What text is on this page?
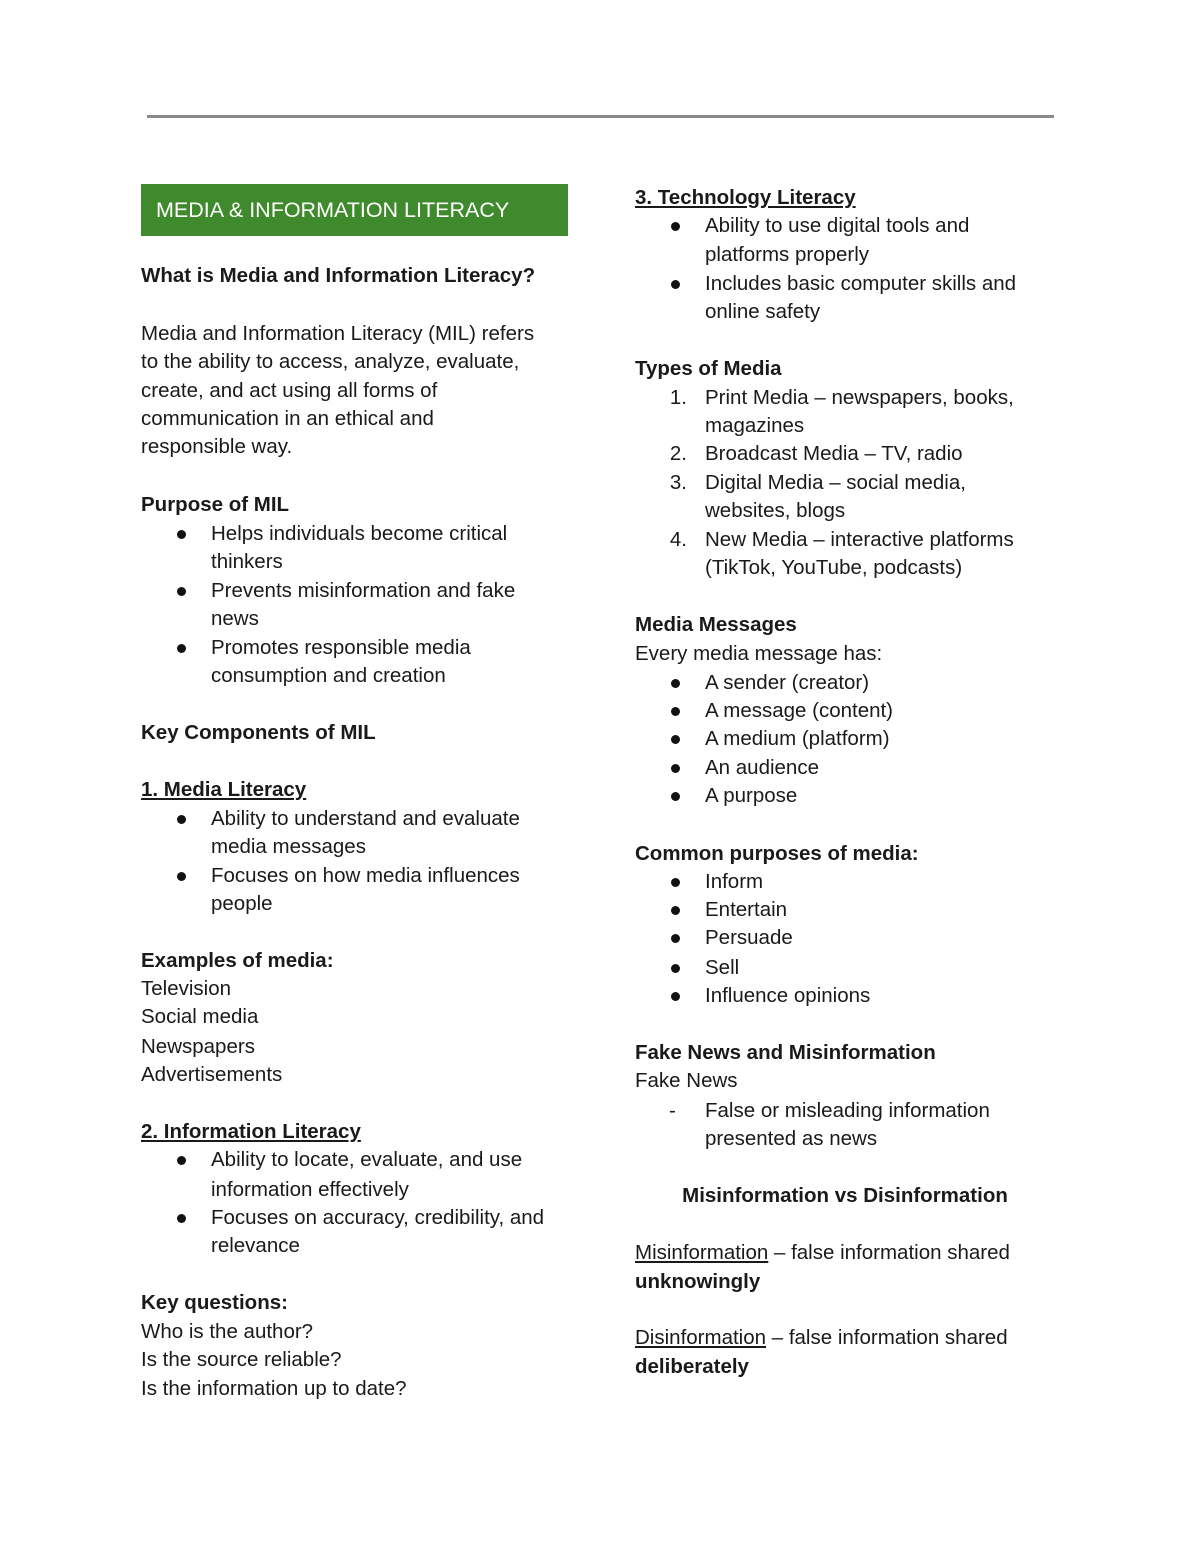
MEDIA & INFORMATION LITERACY
What is Media and Information Literacy?
Media and Information Literacy (MIL) refers
to the ability to access, analyze, evaluate,
create, and act using all forms of
communication in an ethical and
responsible way.
Purpose of MIL
Helps individuals become critical
thinkers
Prevents misinformation and fake
news
Promotes responsible media
consumption and creation
Key Components of MIL
1. Media Literacy
Ability to understand and evaluate
media messages
Focuses on how media influences
people
Examples of media:
Television
Social media
Newspapers
Advertisements
2. Information Literacy
Ability to locate, evaluate, and use
information effectively
Focuses on accuracy, credibility, and
relevance
Key questions:
Who is the author?
Is the source reliable?
Is the information up to date?
3. Technology Literacy
Ability to use digital tools and
platforms properly
Includes basic computer skills and
online safety
Types of Media
1. Print Media – newspapers, books,
magazines
2. Broadcast Media – TV, radio
3. Digital Media – social media,
websites, blogs
4. New Media – interactive platforms
(TikTok, YouTube, podcasts)
Media Messages
Every media message has:
A sender (creator)
A message (content)
A medium (platform)
An audience
A purpose
Common purposes of media:
Inform
Entertain
Persuade
Sell
Influence opinions
Fake News and Misinformation
Fake News
- False or misleading information
presented as news
Misinformation vs Disinformation
Misinformation – false information shared
unknowingly
Disinformation – false information shared
deliberately
